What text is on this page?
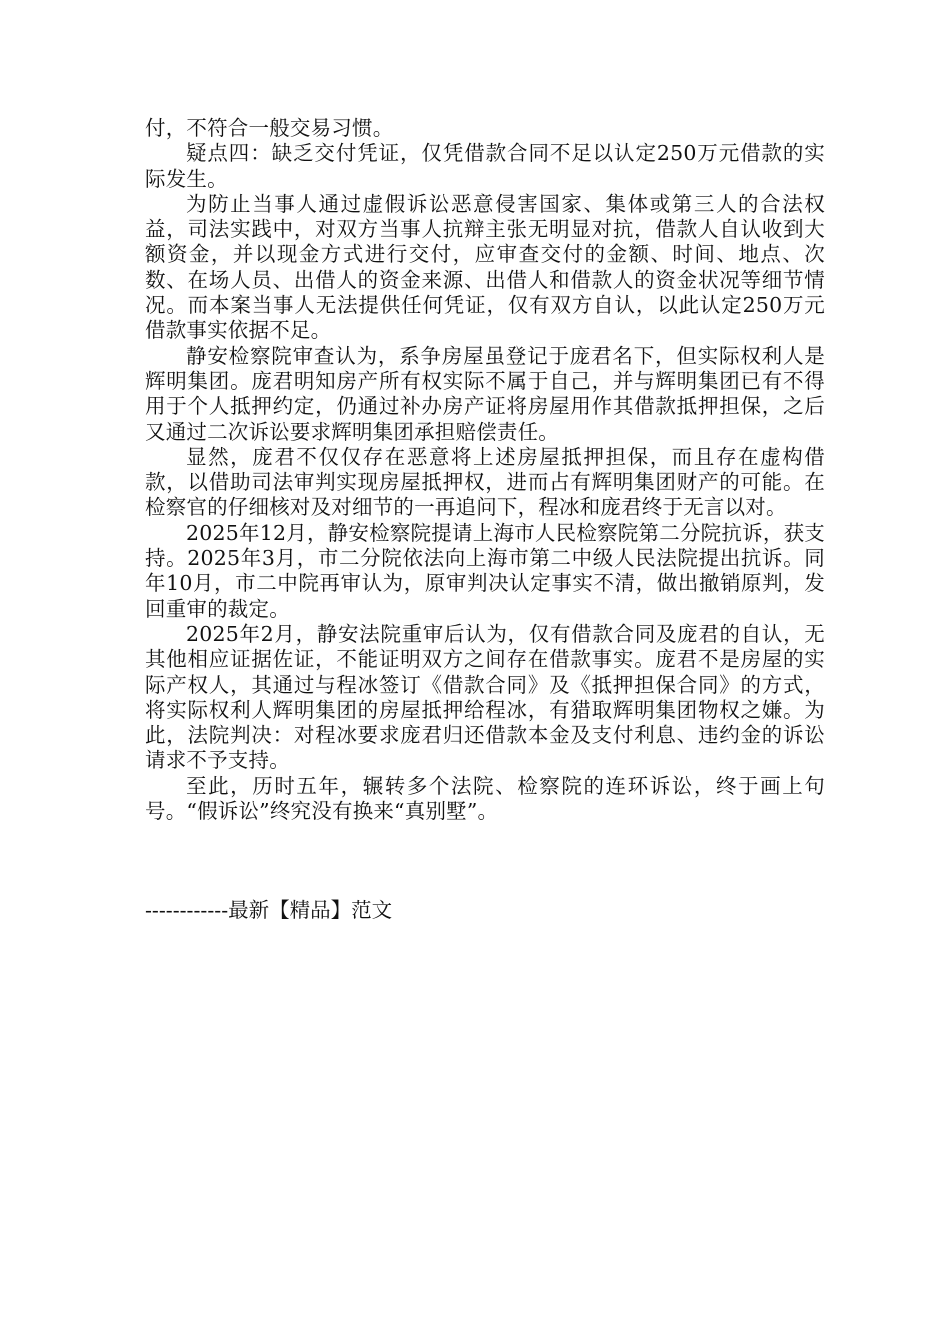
付，不符合一般交易习惯。

疑点四：缺乏交付凭证，仅凭借款合同不足以认定250万元借款的实际发生。

为防止当事人通过虚假诉讼恶意侵害国家、集体或第三人的合法权益，司法实践中，对双方当事人抗辩主张无明显对抗，借款人自认收到大额资金，并以现金方式进行交付，应审查交付的金额、时间、地点、次数、在场人员、出借人的资金来源、出借人和借款人的资金状况等细节情况。而本案当事人无法提供任何凭证，仅有双方自认，以此认定250万元借款事实依据不足。

静安检察院审查认为，系争房屋虽登记于庞君名下，但实际权利人是辉明集团。庞君明知房产所有权实际不属于自己，并与辉明集团已有不得用于个人抵押约定，仍通过补办房产证将房屋用作其借款抵押担保，之后又通过二次诉讼要求辉明集团承担赔偿责任。

显然，庞君不仅仅存在恶意将上述房屋抵押担保，而且存在虚构借款，以借助司法审判实现房屋抵押权，进而占有辉明集团财产的可能。在检察官的仔细核对及对细节的一再追问下，程冰和庞君终于无言以对。

2025年12月，静安检察院提请上海市人民检察院第二分院抗诉，获支持。2025年3月，市二分院依法向上海市第二中级人民法院提出抗诉。同年10月，市二中院再审认为，原审判决认定事实不清，做出撤销原判，发回重审的裁定。

2025年2月，静安法院重审后认为，仅有借款合同及庞君的自认，无其他相应证据佐证，不能证明双方之间存在借款事实。庞君不是房屋的实际产权人，其通过与程冰签订《借款合同》及《抵押担保合同》的方式，将实际权利人辉明集团的房屋抵押给程冰，有猎取辉明集团物权之嫌。为此，法院判决：对程冰要求庞君归还借款本金及支付利息、违约金的诉讼请求不予支持。

至此，历时五年，辗转多个法院、检察院的连环诉讼，终于画上句号。“假诉讼”终究没有换来“真别墅”。

------------最新【精品】范文
